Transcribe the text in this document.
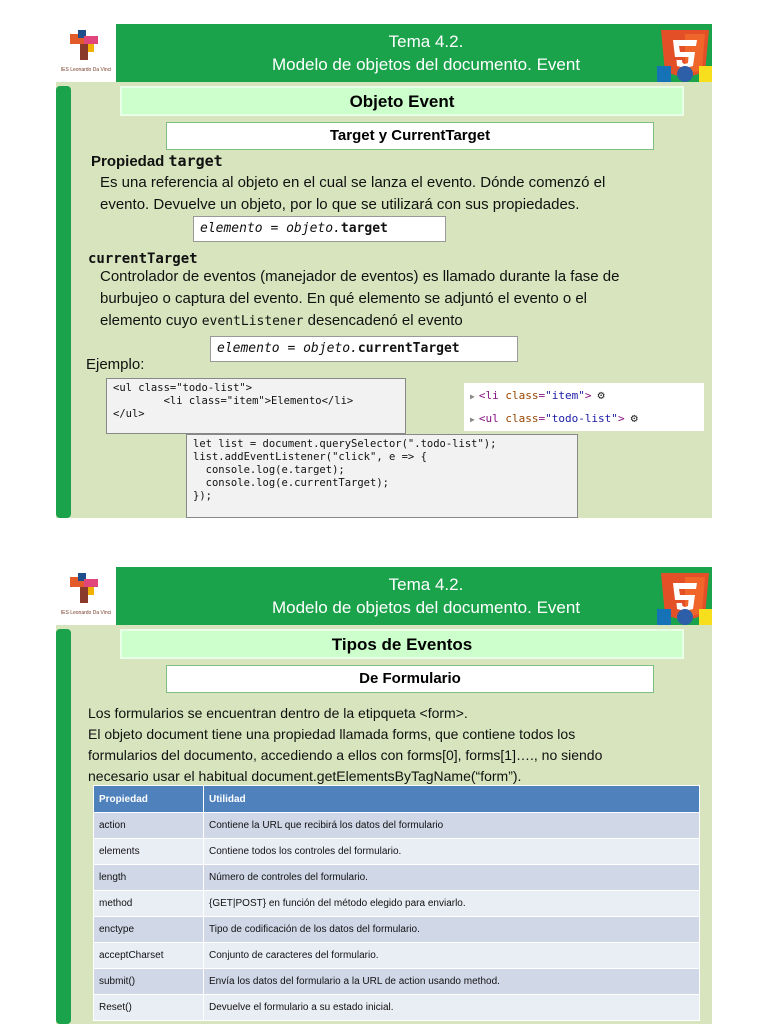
IES Leonardo Da Vinci
Tema 4.2.
Modelo de objetos del documento. Event
Objeto Event
Target y CurrentTarget
Propiedad target
Es una referencia al objeto en el cual se lanza el evento. Dónde comenzó el
evento. Devuelve un objeto, por lo que se utilizará con sus propiedades.
elemento = objeto.target
currentTarget
Controlador de eventos (manejador de eventos) es llamado durante la fase de
burbujeo o captura del evento. En qué elemento se adjuntó el evento o el
elemento cuyo eventListener desencadenó el evento
elemento = objeto.currentTarget
Ejemplo:
<ul class="todo-list">
<li class="item">Elemento</li>
</ul>
▶ <li class="item"> ⚙
▶ <ul class="todo-list"> ⚙
let list = document.querySelector(".todo-list");
list.addEventListener("click", e => {
console.log(e.target);
console.log(e.currentTarget);
});
IES Leonardo Da Vinci
Tema 4.2.
Modelo de objetos del documento. Event
Tipos de Eventos
De Formulario
Los formularios se encuentran dentro de la etipqueta <form>.
El objeto document tiene una propiedad llamada forms, que contiene todos los
formularios del documento, accediendo a ellos con forms[0], forms[1]…., no siendo
necesario usar el habitual document.getElementsByTagName(“form”).
Propiedad	Utilidad
action	Contiene la URL que recibirá los datos del formulario
elements	Contiene todos los controles del formulario.
length	Número de controles del formulario.
method	{GET|POST} en función del método elegido para enviarlo.
enctype	Tipo de codificación de los datos del formulario.
acceptCharset	Conjunto de caracteres del formulario.
submit()	Envía los datos del formulario a la URL de action usando method.
Reset()	Devuelve el formulario a su estado inicial.
